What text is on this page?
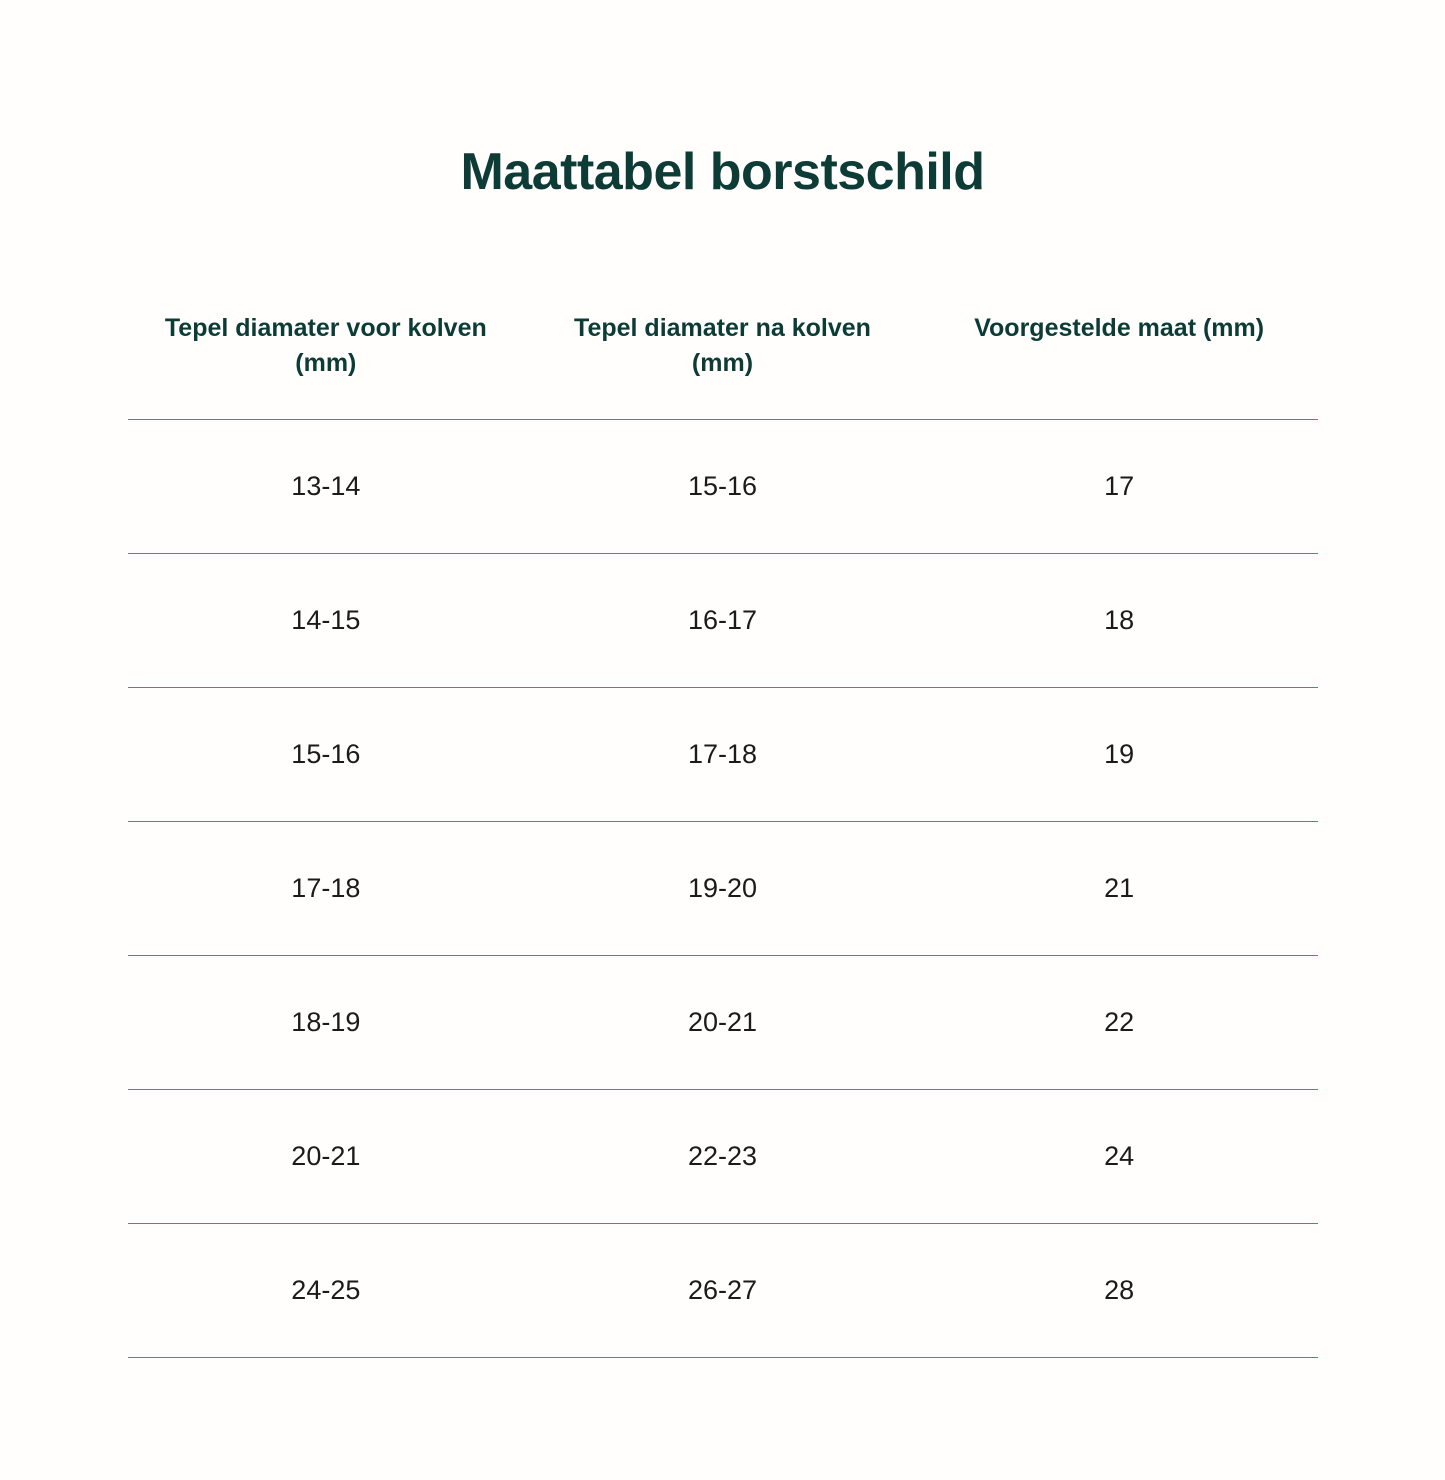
Maattabel borstschild
Tepel diamater voor kolven (mm)	Tepel diamater na kolven (mm)	Voorgestelde maat (mm)
13-14	15-16	17
14-15	16-17	18
15-16	17-18	19
17-18	19-20	21
18-19	20-21	22
20-21	22-23	24
24-25	26-27	28
